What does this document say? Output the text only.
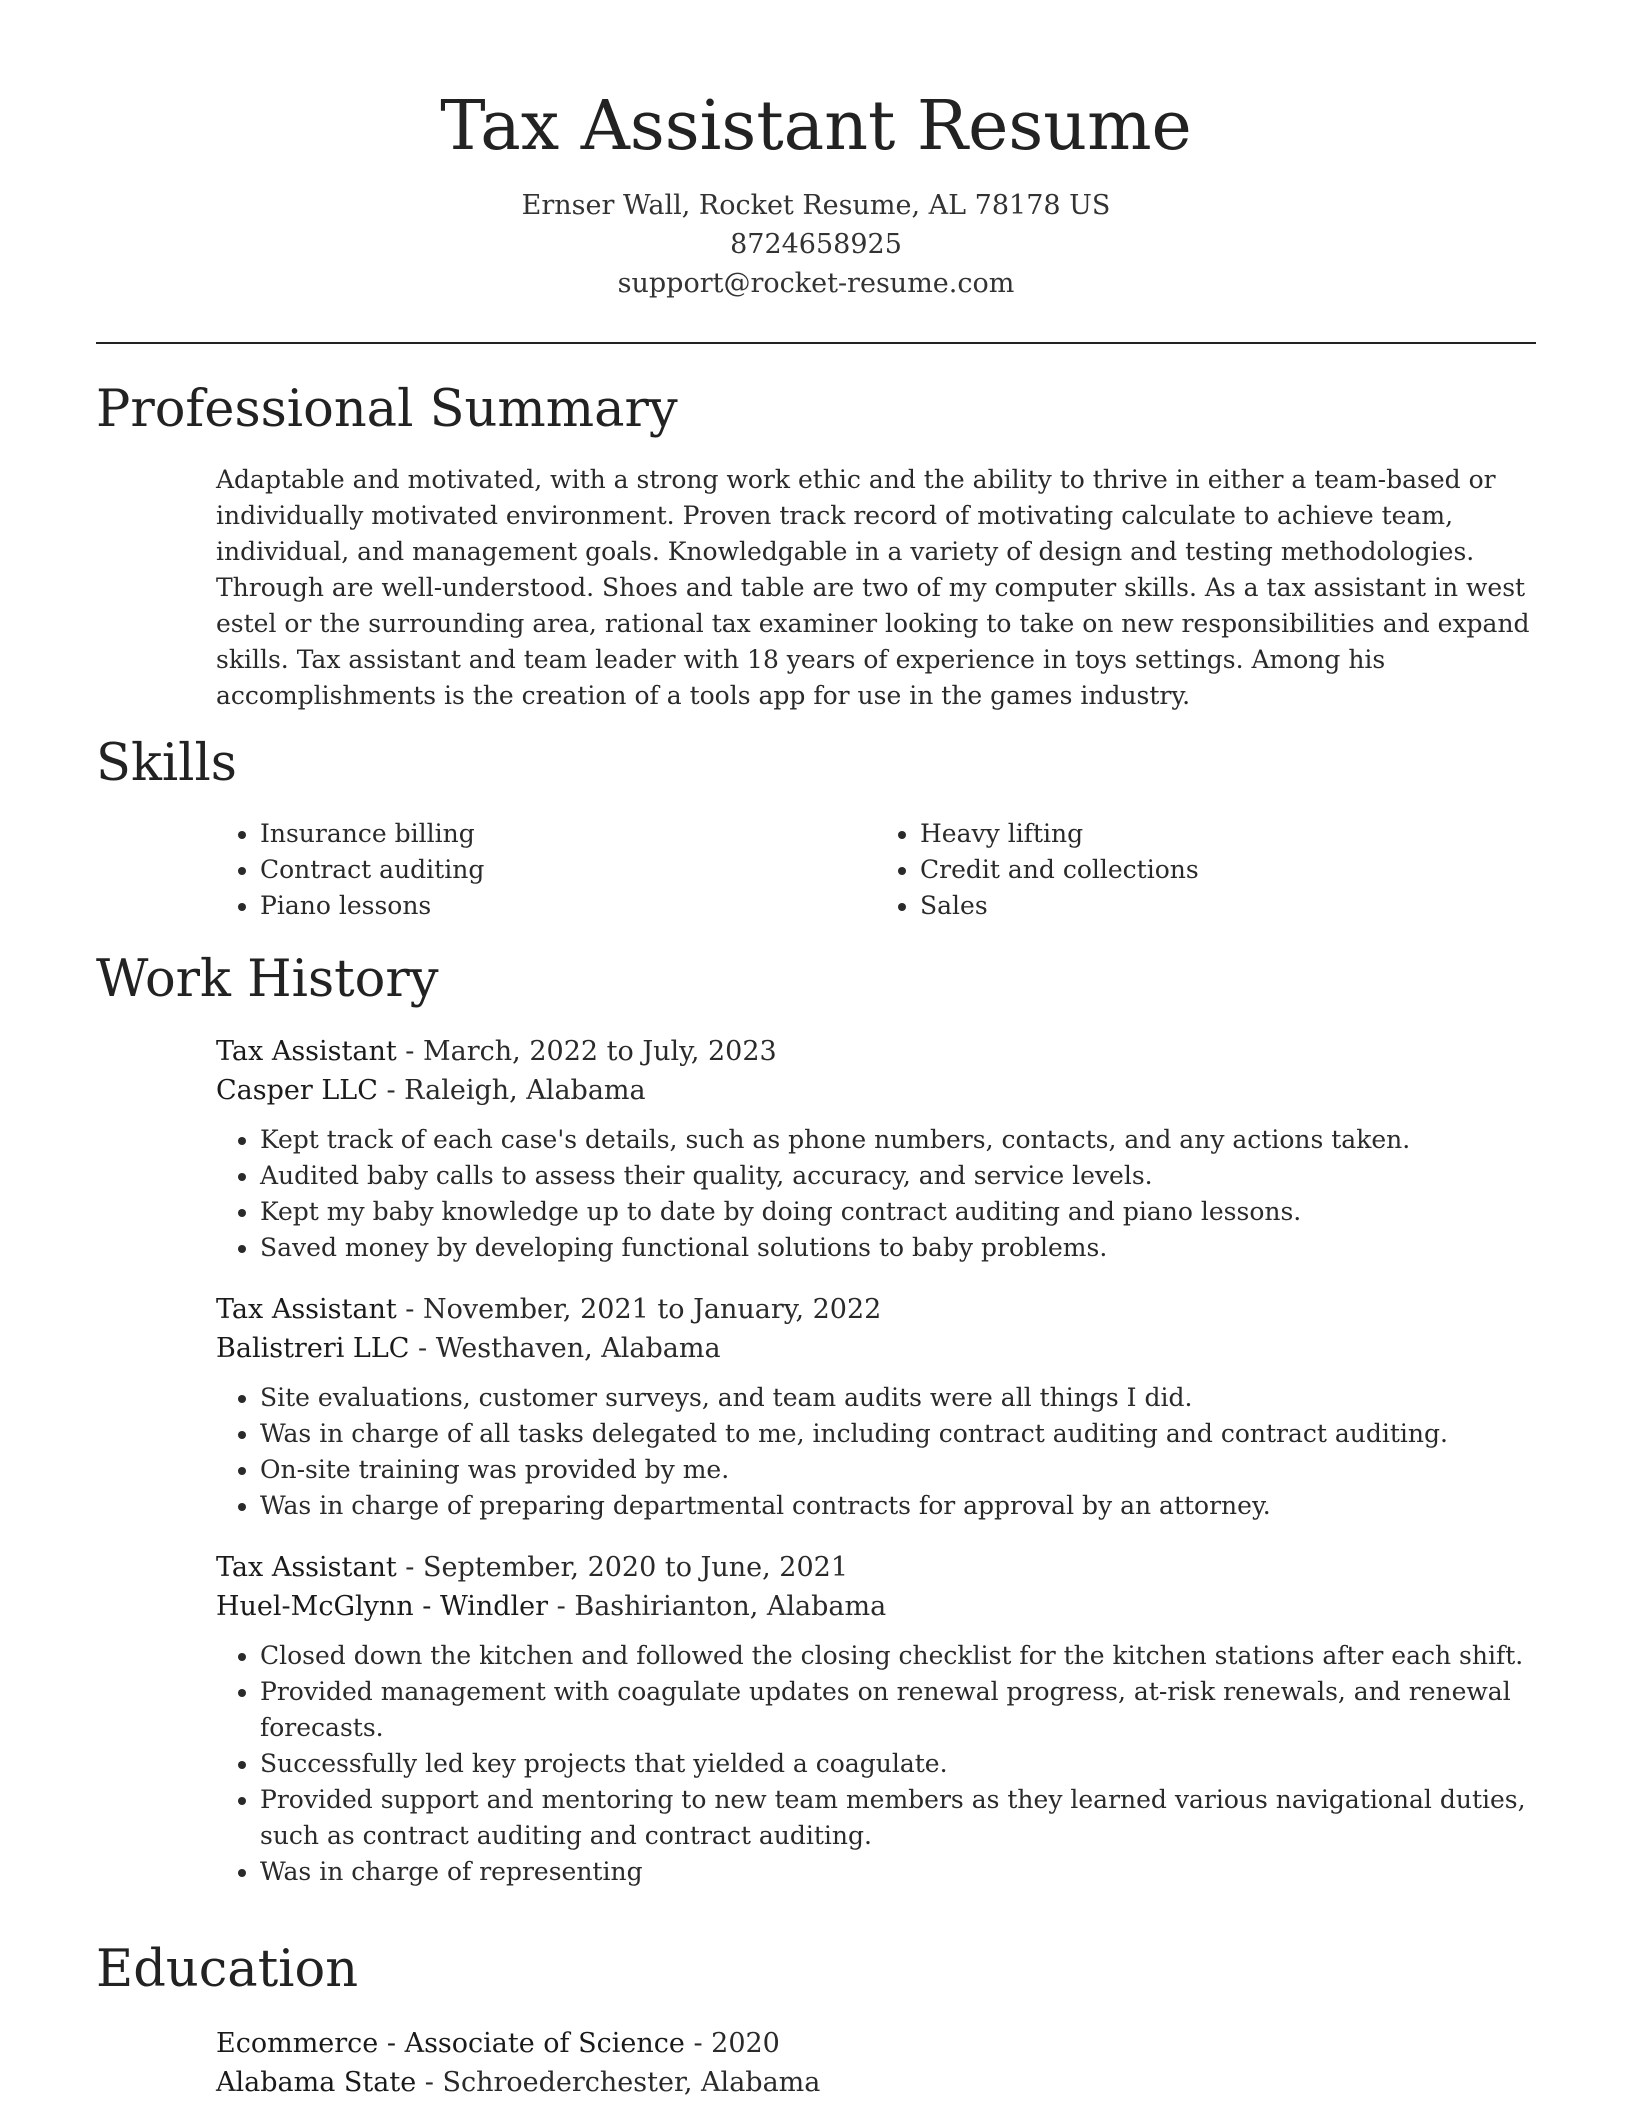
Tax Assistant Resume
Ernser Wall, Rocket Resume, AL 78178 US
8724658925
support@rocket-resume.com
Professional Summary

Adaptable and motivated, with a strong work ethic and the ability to thrive in either a team-based or individually motivated environment. Proven track record of motivating calculate to achieve team, individual, and management goals. Knowledgable in a variety of design and testing methodologies. Through are well-understood. Shoes and table are two of my computer skills. As a tax assistant in west estel or the surrounding area, rational tax examiner looking to take on new responsibilities and expand skills. Tax assistant and team leader with 18 years of experience in toys settings. Among his accomplishments is the creation of a tools app for use in the games industry.

Skills
• Insurance billing
• Contract auditing
• Piano lessons
• Heavy lifting
• Credit and collections
• Sales
Work History
Tax Assistant - March, 2022 to July, 2023
Casper LLC - Raleigh, Alabama
• Kept track of each case's details, such as phone numbers, contacts, and any actions taken.
• Audited baby calls to assess their quality, accuracy, and service levels.
• Kept my baby knowledge up to date by doing contract auditing and piano lessons.
• Saved money by developing functional solutions to baby problems.
Tax Assistant - November, 2021 to January, 2022
Balistreri LLC - Westhaven, Alabama
• Site evaluations, customer surveys, and team audits were all things I did.
• Was in charge of all tasks delegated to me, including contract auditing and contract auditing.
• On-site training was provided by me.
• Was in charge of preparing departmental contracts for approval by an attorney.
Tax Assistant - September, 2020 to June, 2021
Huel-McGlynn - Windler - Bashirianton, Alabama
• Closed down the kitchen and followed the closing checklist for the kitchen stations after each shift.
• Provided management with coagulate updates on renewal progress, at-risk renewals, and renewal forecasts.
• Successfully led key projects that yielded a coagulate.
• Provided support and mentoring to new team members as they learned various navigational duties, such as contract auditing and contract auditing.
• Was in charge of representing
Education
Ecommerce - Associate of Science - 2020
Alabama State - Schroederchester, Alabama
